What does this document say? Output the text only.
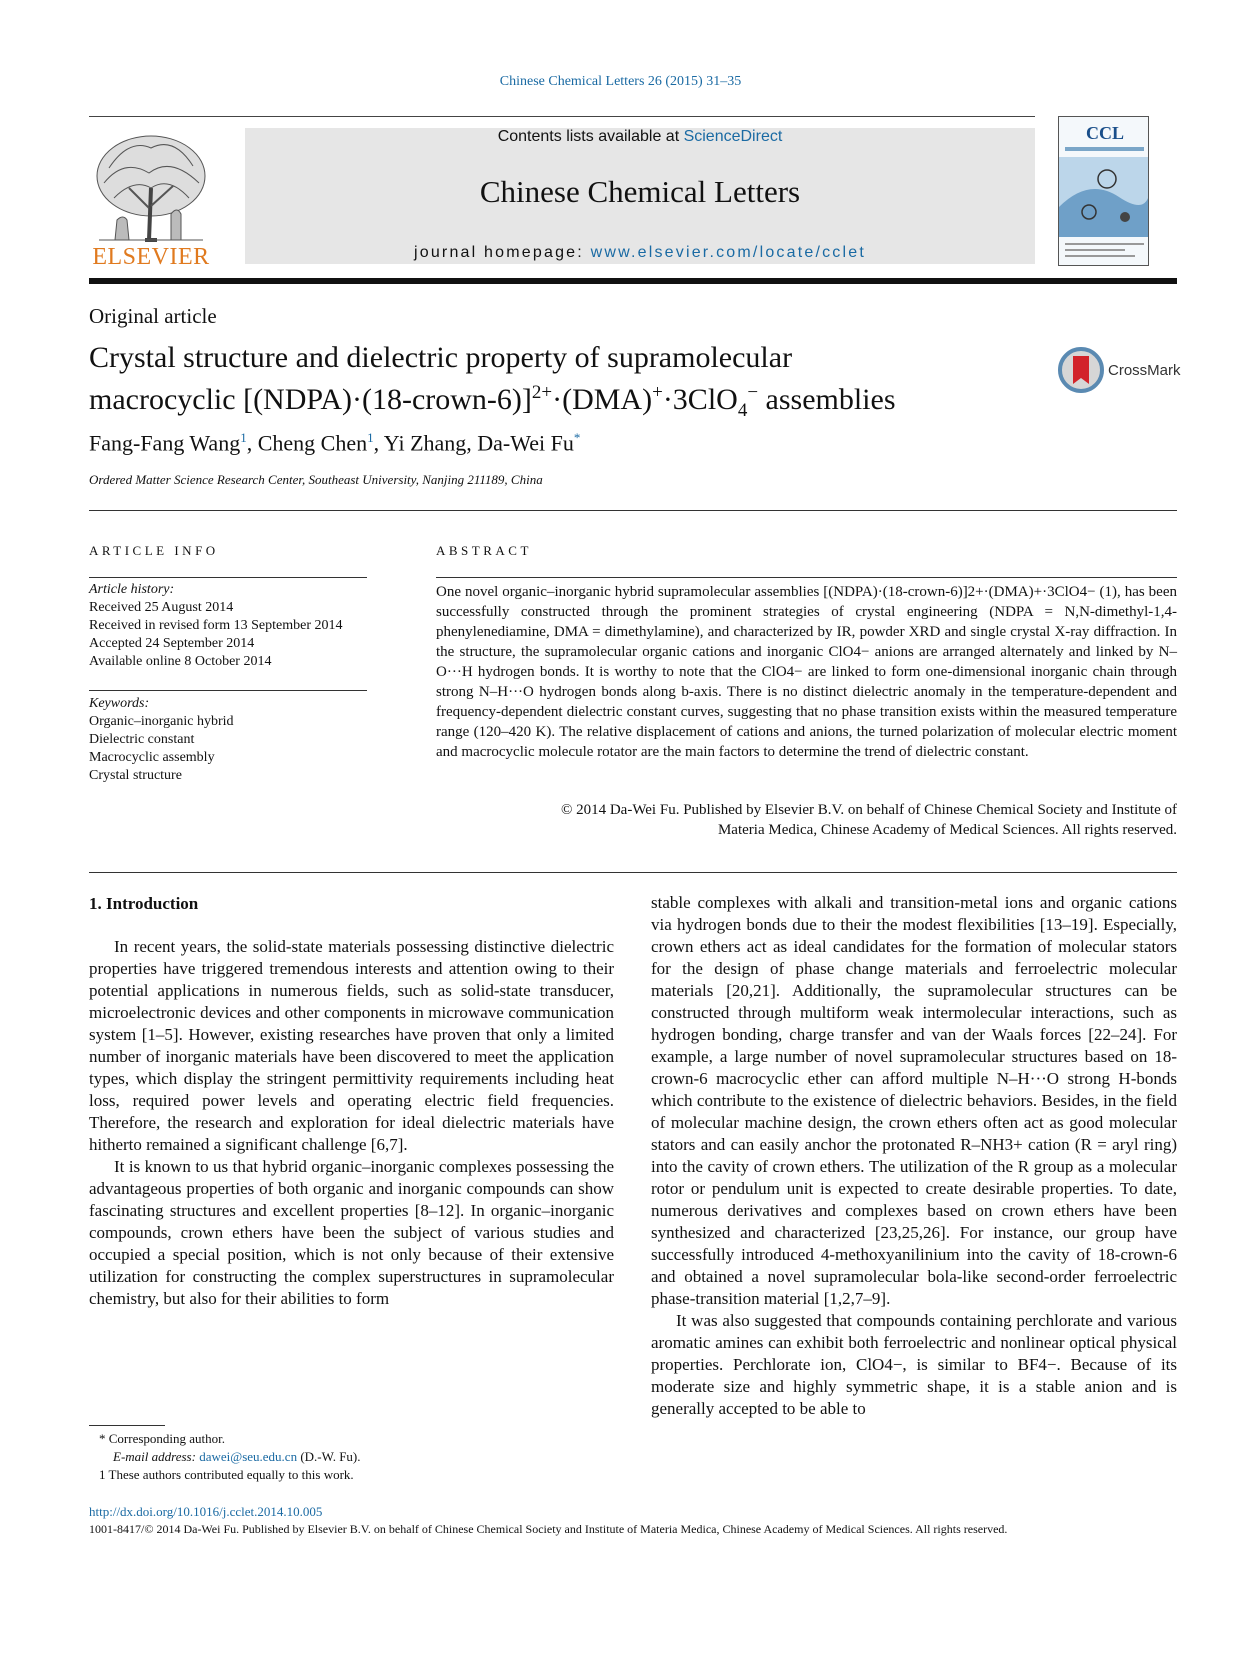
Chinese Chemical Letters 26 (2015) 31–35
ELSEVIER
Contents lists available at ScienceDirect
Chinese Chemical Letters
journal homepage: www.elsevier.com/locate/cclet
CCL
Original article
Crystal structure and dielectric property of supramolecular
macrocyclic [(NDPA)·(18-crown-6)]$^{2+}$·(DMA)+·3ClO$_4$− assemblies
CrossMark
Fang-Fang Wang$^1$, Cheng Chen$^1$, Yi Zhang, Da-Wei Fu*
Ordered Matter Science Research Center, Southeast University, Nanjing 211189, China
ARTICLE INFO	ABSTRACT
Article history:
Received 25 August 2014
Received in revised form 13 September 2014
Accepted 24 September 2014
Available online 8 October 2014
Keywords:
Organic–inorganic hybrid
Dielectric constant
Macrocyclic assembly
Crystal structure
One novel organic–inorganic hybrid supramolecular assemblies [(NDPA)·(18-crown-6)]2+·(DMA)+·3ClO4− (1), has been successfully constructed through the prominent strategies of crystal engineering (NDPA = N,N-dimethyl-1,4-phenylenediamine, DMA = dimethylamine), and characterized by IR, powder XRD and single crystal X-ray diffraction. In the structure, the supramolecular organic cations and inorganic ClO4− anions are arranged alternately and linked by N–O···H hydrogen bonds. It is worthy to note that the ClO4− are linked to form one-dimensional inorganic chain through strong N–H···O hydrogen bonds along b-axis. There is no distinct dielectric anomaly in the temperature-dependent and frequency-dependent dielectric constant curves, suggesting that no phase transition exists within the measured temperature range (120–420 K). The relative displacement of cations and anions, the turned polarization of molecular electric moment and macrocyclic molecule rotator are the main factors to determine the trend of dielectric constant.
© 2014 Da-Wei Fu. Published by Elsevier B.V. on behalf of Chinese Chemical Society and Institute of
Materia Medica, Chinese Academy of Medical Sciences. All rights reserved.
1. Introduction

In recent years, the solid-state materials possessing distinctive dielectric properties have triggered tremendous interests and attention owing to their potential applications in numerous fields, such as solid-state transducer, microelectronic devices and other components in microwave communication system [1–5]. However, existing researches have proven that only a limited number of inorganic materials have been discovered to meet the application types, which display the stringent permittivity requirements including heat loss, required power levels and operating electric field frequencies. Therefore, the research and exploration for ideal dielectric materials have hitherto remained a significant challenge [6,7].

It is known to us that hybrid organic–inorganic complexes possessing the advantageous properties of both organic and inorganic compounds can show fascinating structures and excellent properties [8–12]. In organic–inorganic compounds, crown ethers have been the subject of various studies and occupied a special position, which is not only because of their extensive utilization for constructing the complex superstructures in supramolecular chemistry, but also for their abilities to form

stable complexes with alkali and transition-metal ions and organic cations via hydrogen bonds due to their the modest flexibilities [13–19]. Especially, crown ethers act as ideal candidates for the formation of molecular stators for the design of phase change materials and ferroelectric molecular materials [20,21]. Additionally, the supramolecular structures can be constructed through multiform weak intermolecular interactions, such as hydrogen bonding, charge transfer and van der Waals forces [22–24]. For example, a large number of novel supramolecular structures based on 18-crown-6 macrocyclic ether can afford multiple N–H···O strong H-bonds which contribute to the existence of dielectric behaviors. Besides, in the field of molecular machine design, the crown ethers often act as good molecular stators and can easily anchor the protonated R–NH3+ cation (R = aryl ring) into the cavity of crown ethers. The utilization of the R group as a molecular rotor or pendulum unit is expected to create desirable properties. To date, numerous derivatives and complexes based on crown ethers have been synthesized and characterized [23,25,26]. For instance, our group have successfully introduced 4-methoxyanilinium into the cavity of 18-crown-6 and obtained a novel supramolecular bola-like second-order ferroelectric phase-transition material [1,2,7–9].

It was also suggested that compounds containing perchlorate and various aromatic amines can exhibit both ferroelectric and nonlinear optical physical properties. Perchlorate ion, ClO4−, is similar to BF4−. Because of its moderate size and highly symmetric shape, it is a stable anion and is generally accepted to be able to

* Corresponding author.
E-mail address: dawei@seu.edu.cn (D.-W. Fu).
1 These authors contributed equally to this work.
http://dx.doi.org/10.1016/j.cclet.2014.10.005
1001-8417/© 2014 Da-Wei Fu. Published by Elsevier B.V. on behalf of Chinese Chemical Society and Institute of Materia Medica, Chinese Academy of Medical Sciences. All rights reserved.
